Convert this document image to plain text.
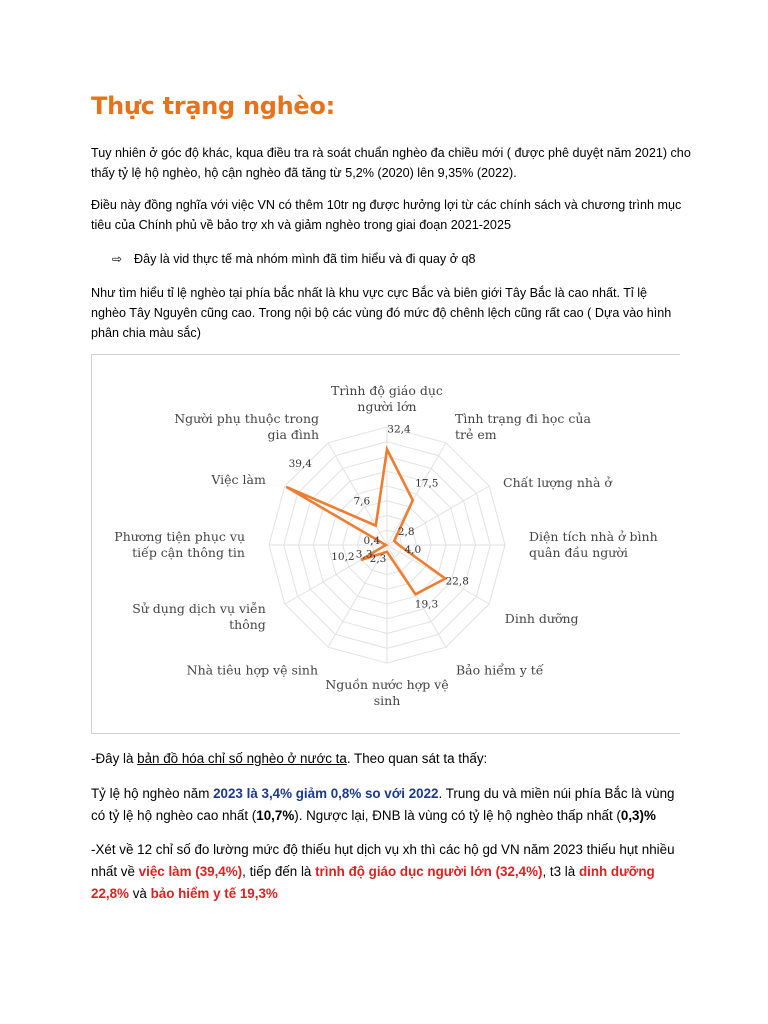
Thực trạng nghèo:

Tuy nhiên ở góc độ khác, kqua điều tra rà soát chuẩn nghèo đa chiều mới ( được phê duyệt năm 2021) cho thấy tỷ lệ hộ nghèo, hộ cận nghèo đã tăng từ 5,2% (2020) lên 9,35% (2022).

Điều này đồng nghĩa với việc VN có thêm 10tr ng được hưởng lợi từ các chính sách và chương trình mục tiêu của Chính phủ về bảo trợ xh và giảm nghèo trong giai đoạn 2021-2025

⇨ Đây là vid thực tế mà nhóm mình đã tìm hiểu và đi quay ở q8

Như tìm hiểu tỉ lệ nghèo tại phía bắc nhất là khu vực cực Bắc và biên giới Tây Bắc là cao nhất. Tỉ lệ nghèo Tây Nguyên cũng cao. Trong nội bộ các vùng đó mức độ chênh lệch cũng rất cao ( Dựa vào hình phân chia màu sắc)

32,4
17,5
2,8
4,0
22,8
19,3
2,3
3,3
10,2
0,4
39,4
7,6
Trình độ giáo dục
người lớn
Tình trạng đi học của
trẻ em
Chất lượng nhà ở
Diện tích nhà ở bình
quân đầu người
Dinh dưỡng
Bảo hiểm y tế
Nguồn nước hợp vệ
sinh
Nhà tiêu hợp vệ sinh
Sử dụng dịch vụ viễn
thông
Phương tiện phục vụ
tiếp cận thông tin
Việc làm
Người phụ thuộc trong
gia đình

-Đây là bản đồ hóa chỉ số nghèo ở nước ta. Theo quan sát ta thấy:

Tỷ lệ hộ nghèo năm 2023 là 3,4% giảm 0,8% so với 2022. Trung du và miền núi phía Bắc là vùng có tỷ lệ hộ nghèo cao nhất (10,7%). Ngược lại, ĐNB là vùng có tỷ lệ hộ nghèo thấp nhất (0,3)%

-Xét về 12 chỉ số đo lường mức độ thiếu hụt dịch vụ xh thì các hộ gd VN năm 2023 thiếu hụt nhiều nhất về việc làm (39,4%), tiếp đến là trình độ giáo dục người lớn (32,4%), t3 là dinh dưỡng 22,8% và bảo hiểm y tế 19,3%
